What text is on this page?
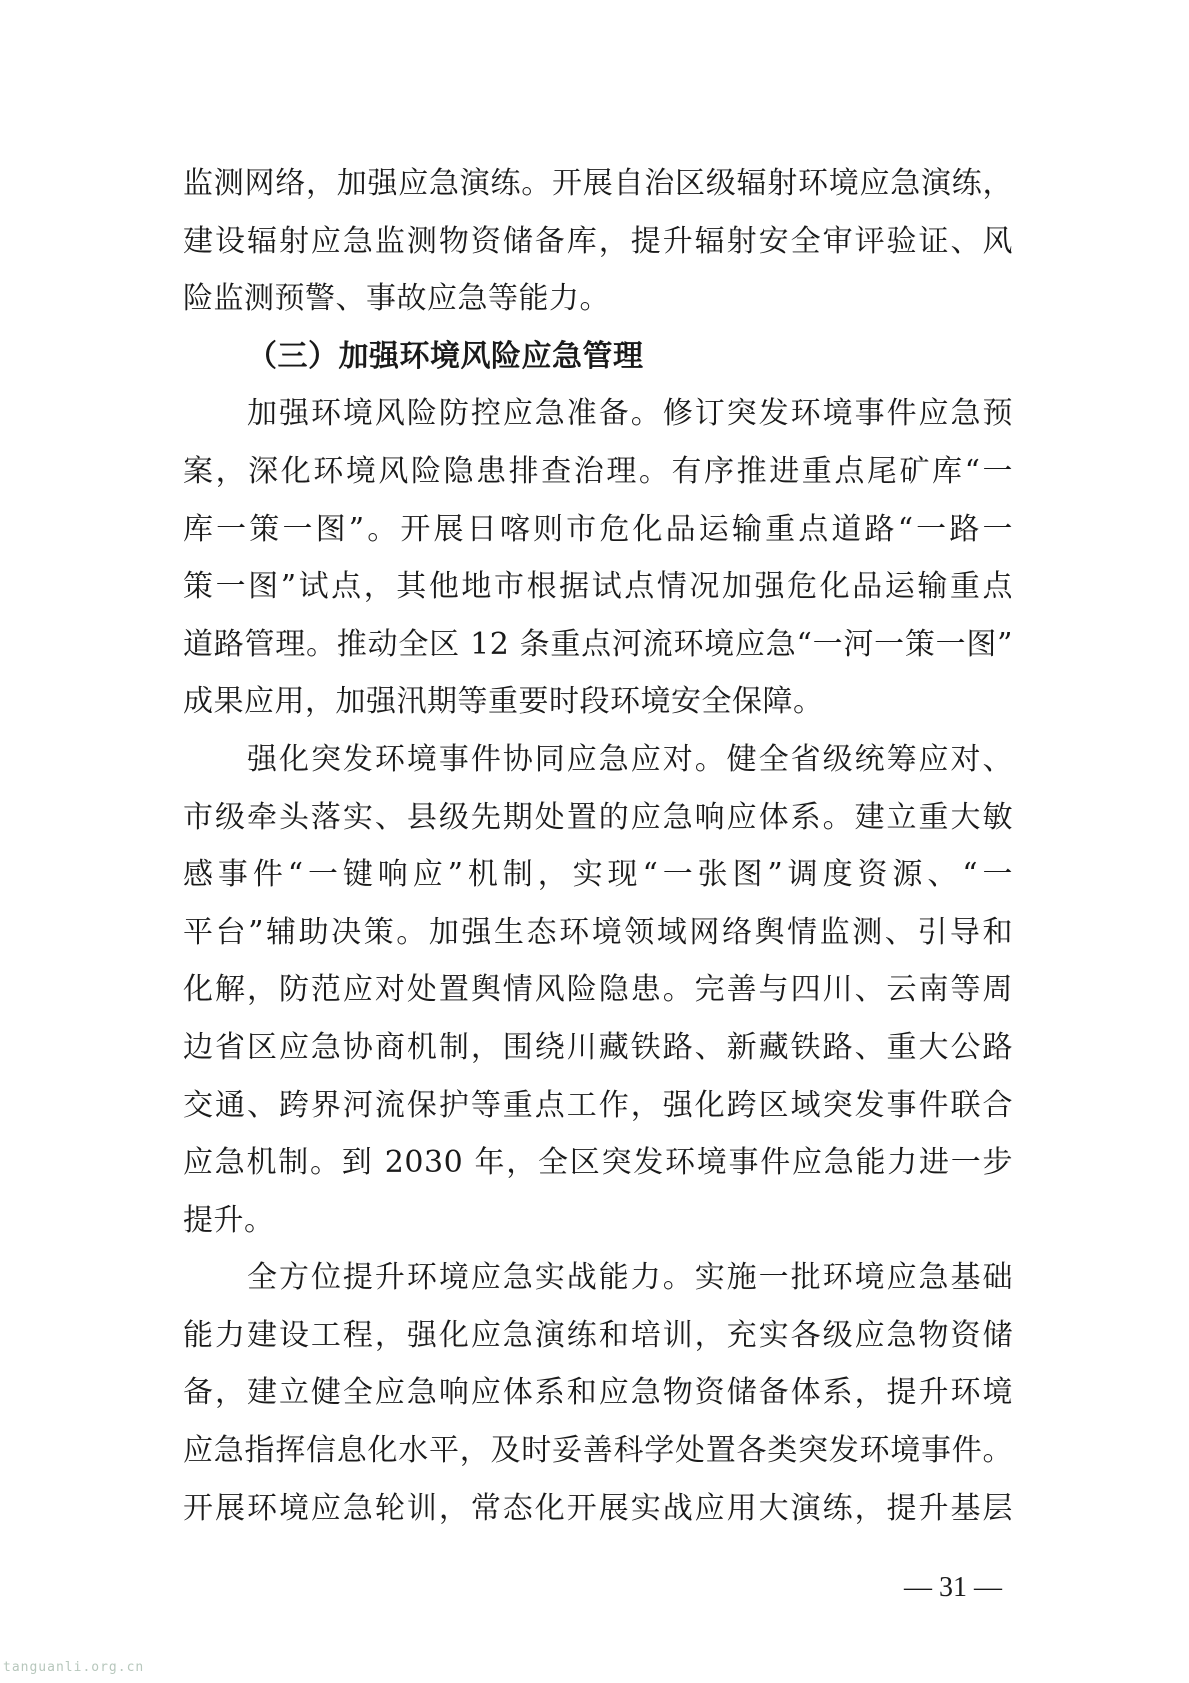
监测网络，加强应急演练。开展自治区级辐射环境应急演练，
建设辐射应急监测物资储备库，提升辐射安全审评验证、风
险监测预警、事故应急等能力。
（三）加强环境风险应急管理
加强环境风险防控应急准备。修订突发环境事件应急预
案，深化环境风险隐患排查治理。有序推进重点尾矿库“一
库一策一图”。开展日喀则市危化品运输重点道路“一路一
策一图”试点，其他地市根据试点情况加强危化品运输重点
道路管理。推动全区 12 条重点河流环境应急“一河一策一图”
成果应用，加强汛期等重要时段环境安全保障。
强化突发环境事件协同应急应对。健全省级统筹应对、
市级牵头落实、县级先期处置的应急响应体系。建立重大敏
感事件“一键响应”机制，实现“一张图”调度资源、“一
平台”辅助决策。加强生态环境领域网络舆情监测、引导和
化解，防范应对处置舆情风险隐患。完善与四川、云南等周
边省区应急协商机制，围绕川藏铁路、新藏铁路、重大公路
交通、跨界河流保护等重点工作，强化跨区域突发事件联合
应急机制。到 2030 年，全区突发环境事件应急能力进一步
提升。
全方位提升环境应急实战能力。实施一批环境应急基础
能力建设工程，强化应急演练和培训，充实各级应急物资储
备，建立健全应急响应体系和应急物资储备体系，提升环境
应急指挥信息化水平，及时妥善科学处置各类突发环境事件。
开展环境应急轮训，常态化开展实战应用大演练，提升基层
— 31 —
tanguanli.org.cn
